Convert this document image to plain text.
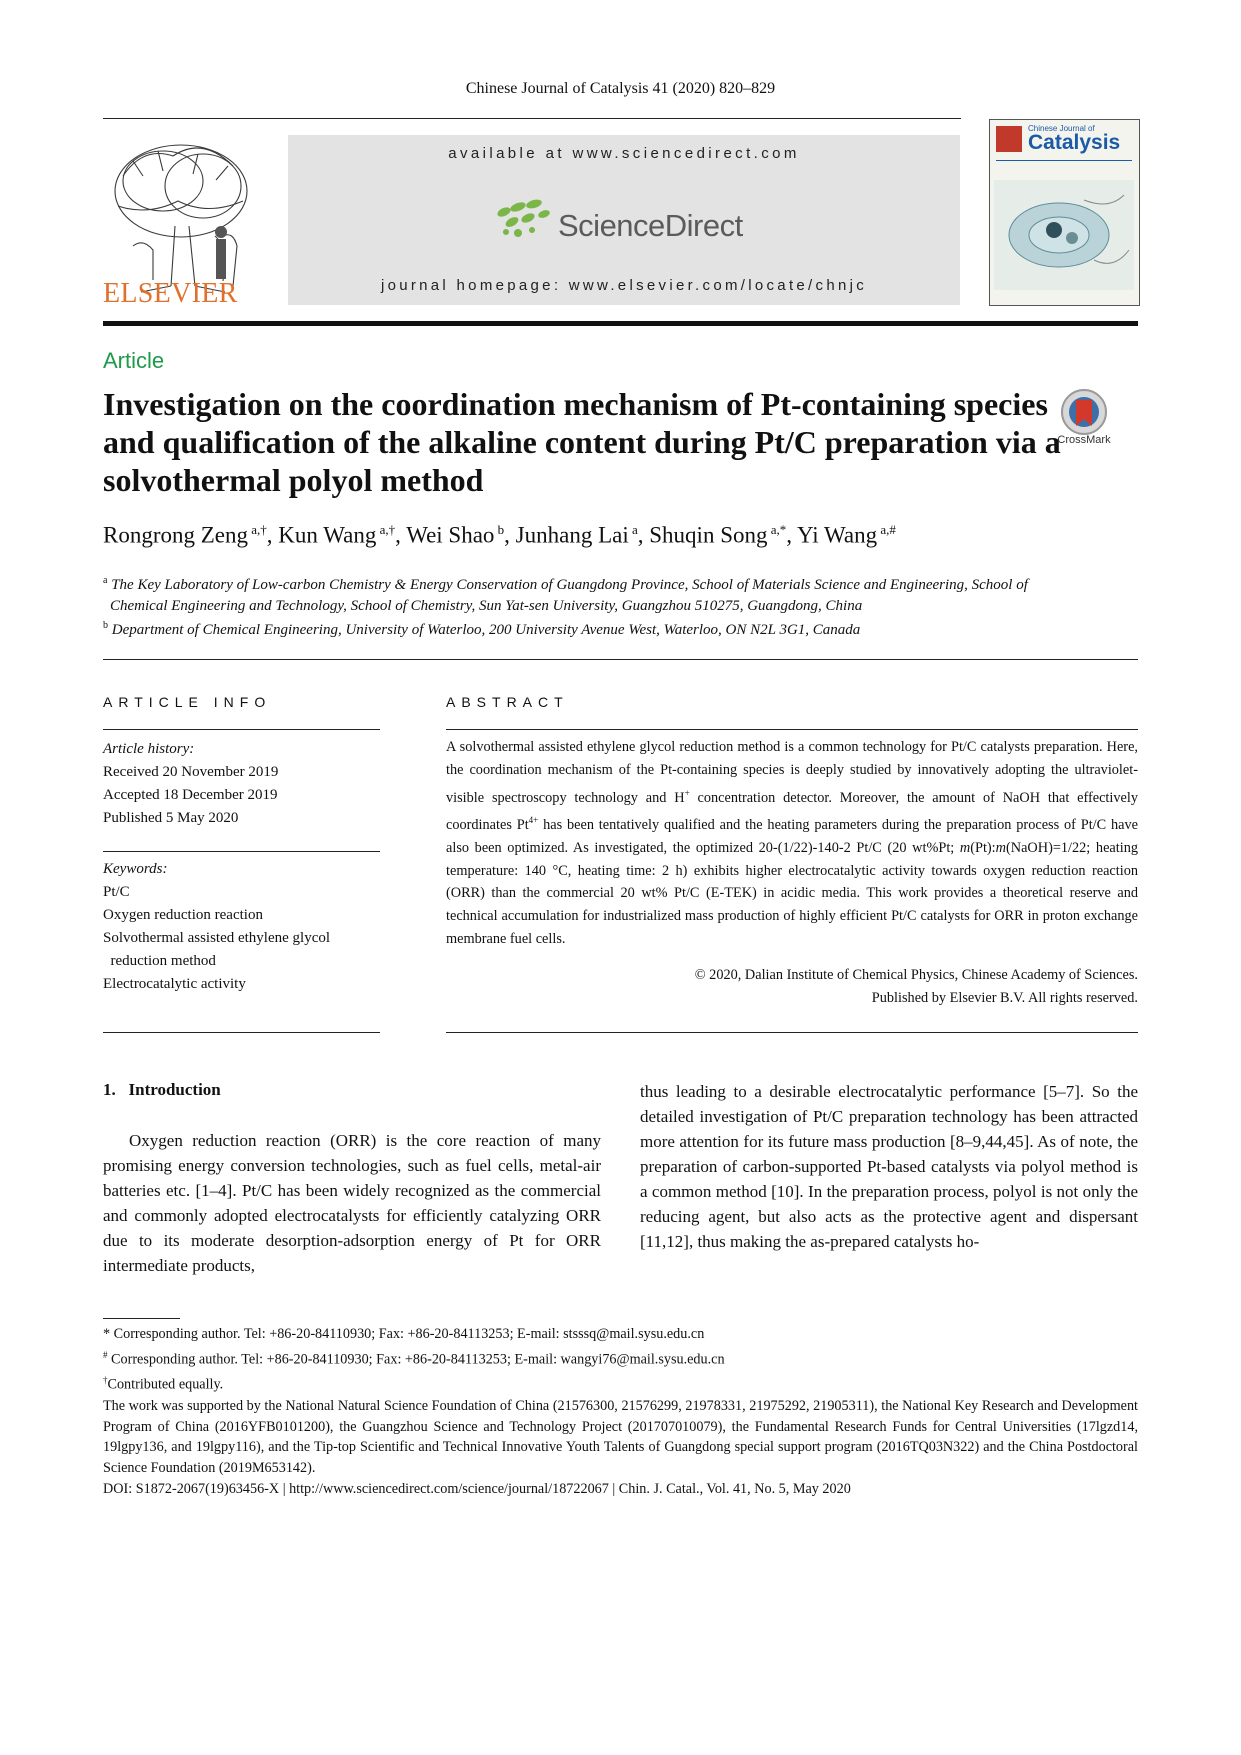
Chinese Journal of Catalysis 41 (2020) 820–829
ELSEVIER
available at www.sciencedirect.com
ScienceDirect
journal homepage: www.elsevier.com/locate/chnjc
Chinese Journal of
Catalysis
Article
Investigation on the coordination mechanism of Pt-containing species and qualification of the alkaline content during Pt/C preparation via a solvothermal polyol method
CrossMark
Rongrong Zeng $^{a,\dagger}$, Kun Wang $^{a,\dagger}$, Wei Shao $^b$, Junhang Lai $^a$, Shuqin Song $^{a,*}$, Yi Wang $^{a,\#}$
$^a$ The Key Laboratory of Low-carbon Chemistry & Energy Conservation of Guangdong Province, School of Materials Science and Engineering, School of
Chemical Engineering and Technology, School of Chemistry, Sun Yat-sen University, Guangzhou 510275, Guangdong, China
$^b$ Department of Chemical Engineering, University of Waterloo, 200 University Avenue West, Waterloo, ON N2L 3G1, Canada
ARTICLE INFO
Article history:
Received 20 November 2019
Accepted 18 December 2019
Published 5 May 2020
Keywords:
Pt/C
Oxygen reduction reaction
Solvothermal assisted ethylene glycol
reduction method
Electrocatalytic activity
ABSTRACT
A solvothermal assisted ethylene glycol reduction method is a common technology for Pt/C catalysts preparation. Here, the coordination mechanism of the Pt-containing species is deeply studied by innovatively adopting the ultraviolet-visible spectroscopy technology and H+ concentration detector. Moreover, the amount of NaOH that effectively coordinates $Pt^{4+}$ has been tentatively qualified and the heating parameters during the preparation process of Pt/C have also been optimized. As investigated, the optimized 20-(1/22)-140-2 Pt/C (20 wt%Pt; m(Pt):m(NaOH)=1/22; heating temperature: 140 °C, heating time: 2 h) exhibits higher electrocatalytic activity towards oxygen reduction reaction (ORR) than the commercial 20 wt% Pt/C (E-TEK) in acidic media. This work provides a theoretical reserve and technical accumulation for industrialized mass production of highly efficient Pt/C catalysts for ORR in proton exchange membrane fuel cells.
© 2020, Dalian Institute of Chemical Physics, Chinese Academy of Sciences.
Published by Elsevier B.V. All rights reserved.
1.   Introduction
Oxygen reduction reaction (ORR) is the core reaction of many promising energy conversion technologies, such as fuel cells, metal-air batteries etc. [1–4]. Pt/C has been widely recognized as the commercial and commonly adopted electrocatalysts for efficiently catalyzing ORR due to its moderate desorption-adsorption energy of Pt for ORR intermediate products,
thus leading to a desirable electrocatalytic performance [5–7]. So the detailed investigation of Pt/C preparation technology has been attracted more attention for its future mass production [8–9,44,45]. As of note, the preparation of carbon-supported Pt-based catalysts via polyol method is a common method [10]. In the preparation process, polyol is not only the reducing agent, but also acts as the protective agent and dispersant [11,12], thus making the as-prepared catalysts ho-
* Corresponding author. Tel: +86-20-84110930; Fax: +86-20-84113253; E-mail: stsssq@mail.sysu.edu.cn
# Corresponding author. Tel: +86-20-84110930; Fax: +86-20-84113253; E-mail: wangyi76@mail.sysu.edu.cn
†Contributed equally.
The work was supported by the National Natural Science Foundation of China (21576300, 21576299, 21978331, 21975292, 21905311), the National Key Research and Development Program of China (2016YFB0101200), the Guangzhou Science and Technology Project (201707010079), the Fundamental Research Funds for Central Universities (17lgzd14, 19lgpy136, and 19lgpy116), and the Tip-top Scientific and Technical Innovative Youth Talents of Guangdong special support program (2016TQ03N322) and the China Postdoctoral Science Foundation (2019M653142).
DOI: S1872-2067(19)63456-X | http://www.sciencedirect.com/science/journal/18722067 | Chin. J. Catal., Vol. 41, No. 5, May 2020
